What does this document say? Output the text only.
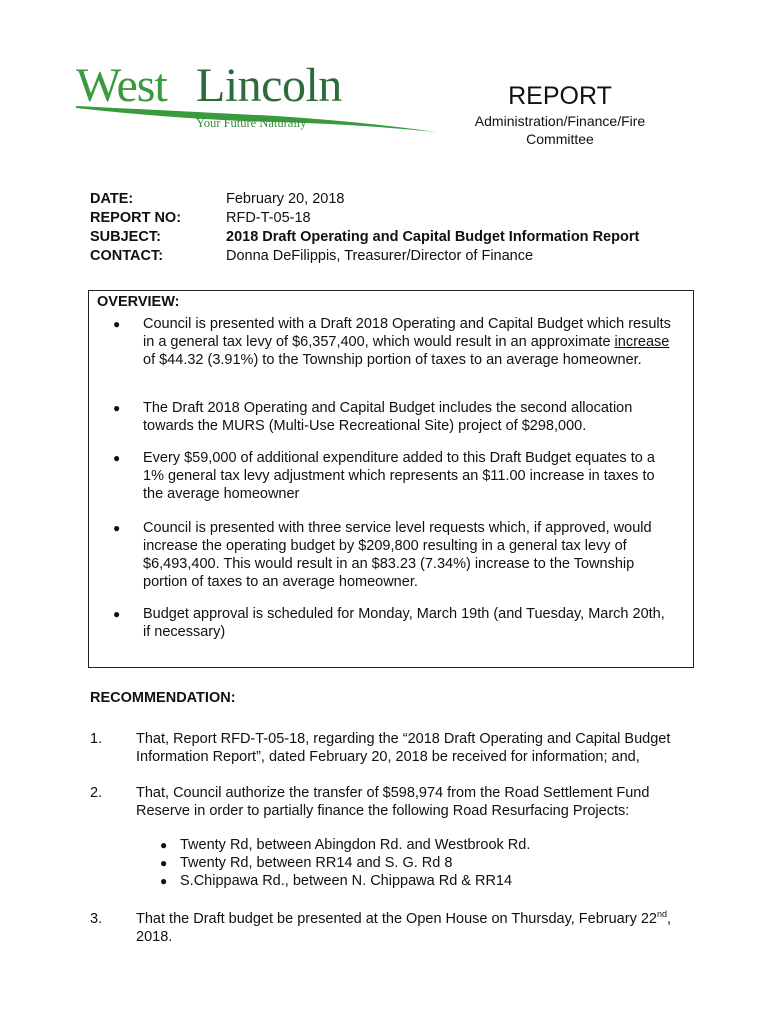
West Lincoln
Your Future Naturally
REPORT
Administration/Finance/Fire
Committee
DATE:	February 20, 2018
REPORT NO:	RFD-T-05-18
SUBJECT:	2018 Draft Operating and Capital Budget Information Report
CONTACT:	Donna DeFilippis, Treasurer/Director of Finance
OVERVIEW:
●	Council is presented with a Draft 2018 Operating and Capital Budget which results in a general tax levy of $6,357,400, which would result in an approximate increase of $44.32 (3.91%) to the Township portion of taxes to an average homeowner.
●	The Draft 2018 Operating and Capital Budget includes the second allocation towards the MURS (Multi-Use Recreational Site) project of $298,000.
●	Every $59,000 of additional expenditure added to this Draft Budget equates to a 1% general tax levy adjustment which represents an $11.00 increase in taxes to the average homeowner
●	Council is presented with three service level requests which, if approved, would increase the operating budget by $209,800 resulting in a general tax levy of $6,493,400. This would result in an $83.23 (7.34%) increase to the Township portion of taxes to an average homeowner.
●	Budget approval is scheduled for Monday, March 19th (and Tuesday, March 20th, if necessary)
RECOMMENDATION:
1.	That, Report RFD-T-05-18, regarding the “2018 Draft Operating and Capital Budget Information Report”, dated February 20, 2018 be received for information; and,
2.	That, Council authorize the transfer of $598,974 from the Road Settlement Fund Reserve in order to partially finance the following Road Resurfacing Projects:
● Twenty Rd, between Abingdon Rd. and Westbrook Rd.
● Twenty Rd, between RR14 and S. G. Rd 8
● S.Chippawa Rd., between N. Chippawa Rd & RR14
3.	That the Draft budget be presented at the Open House on Thursday, February 22nd, 2018.
